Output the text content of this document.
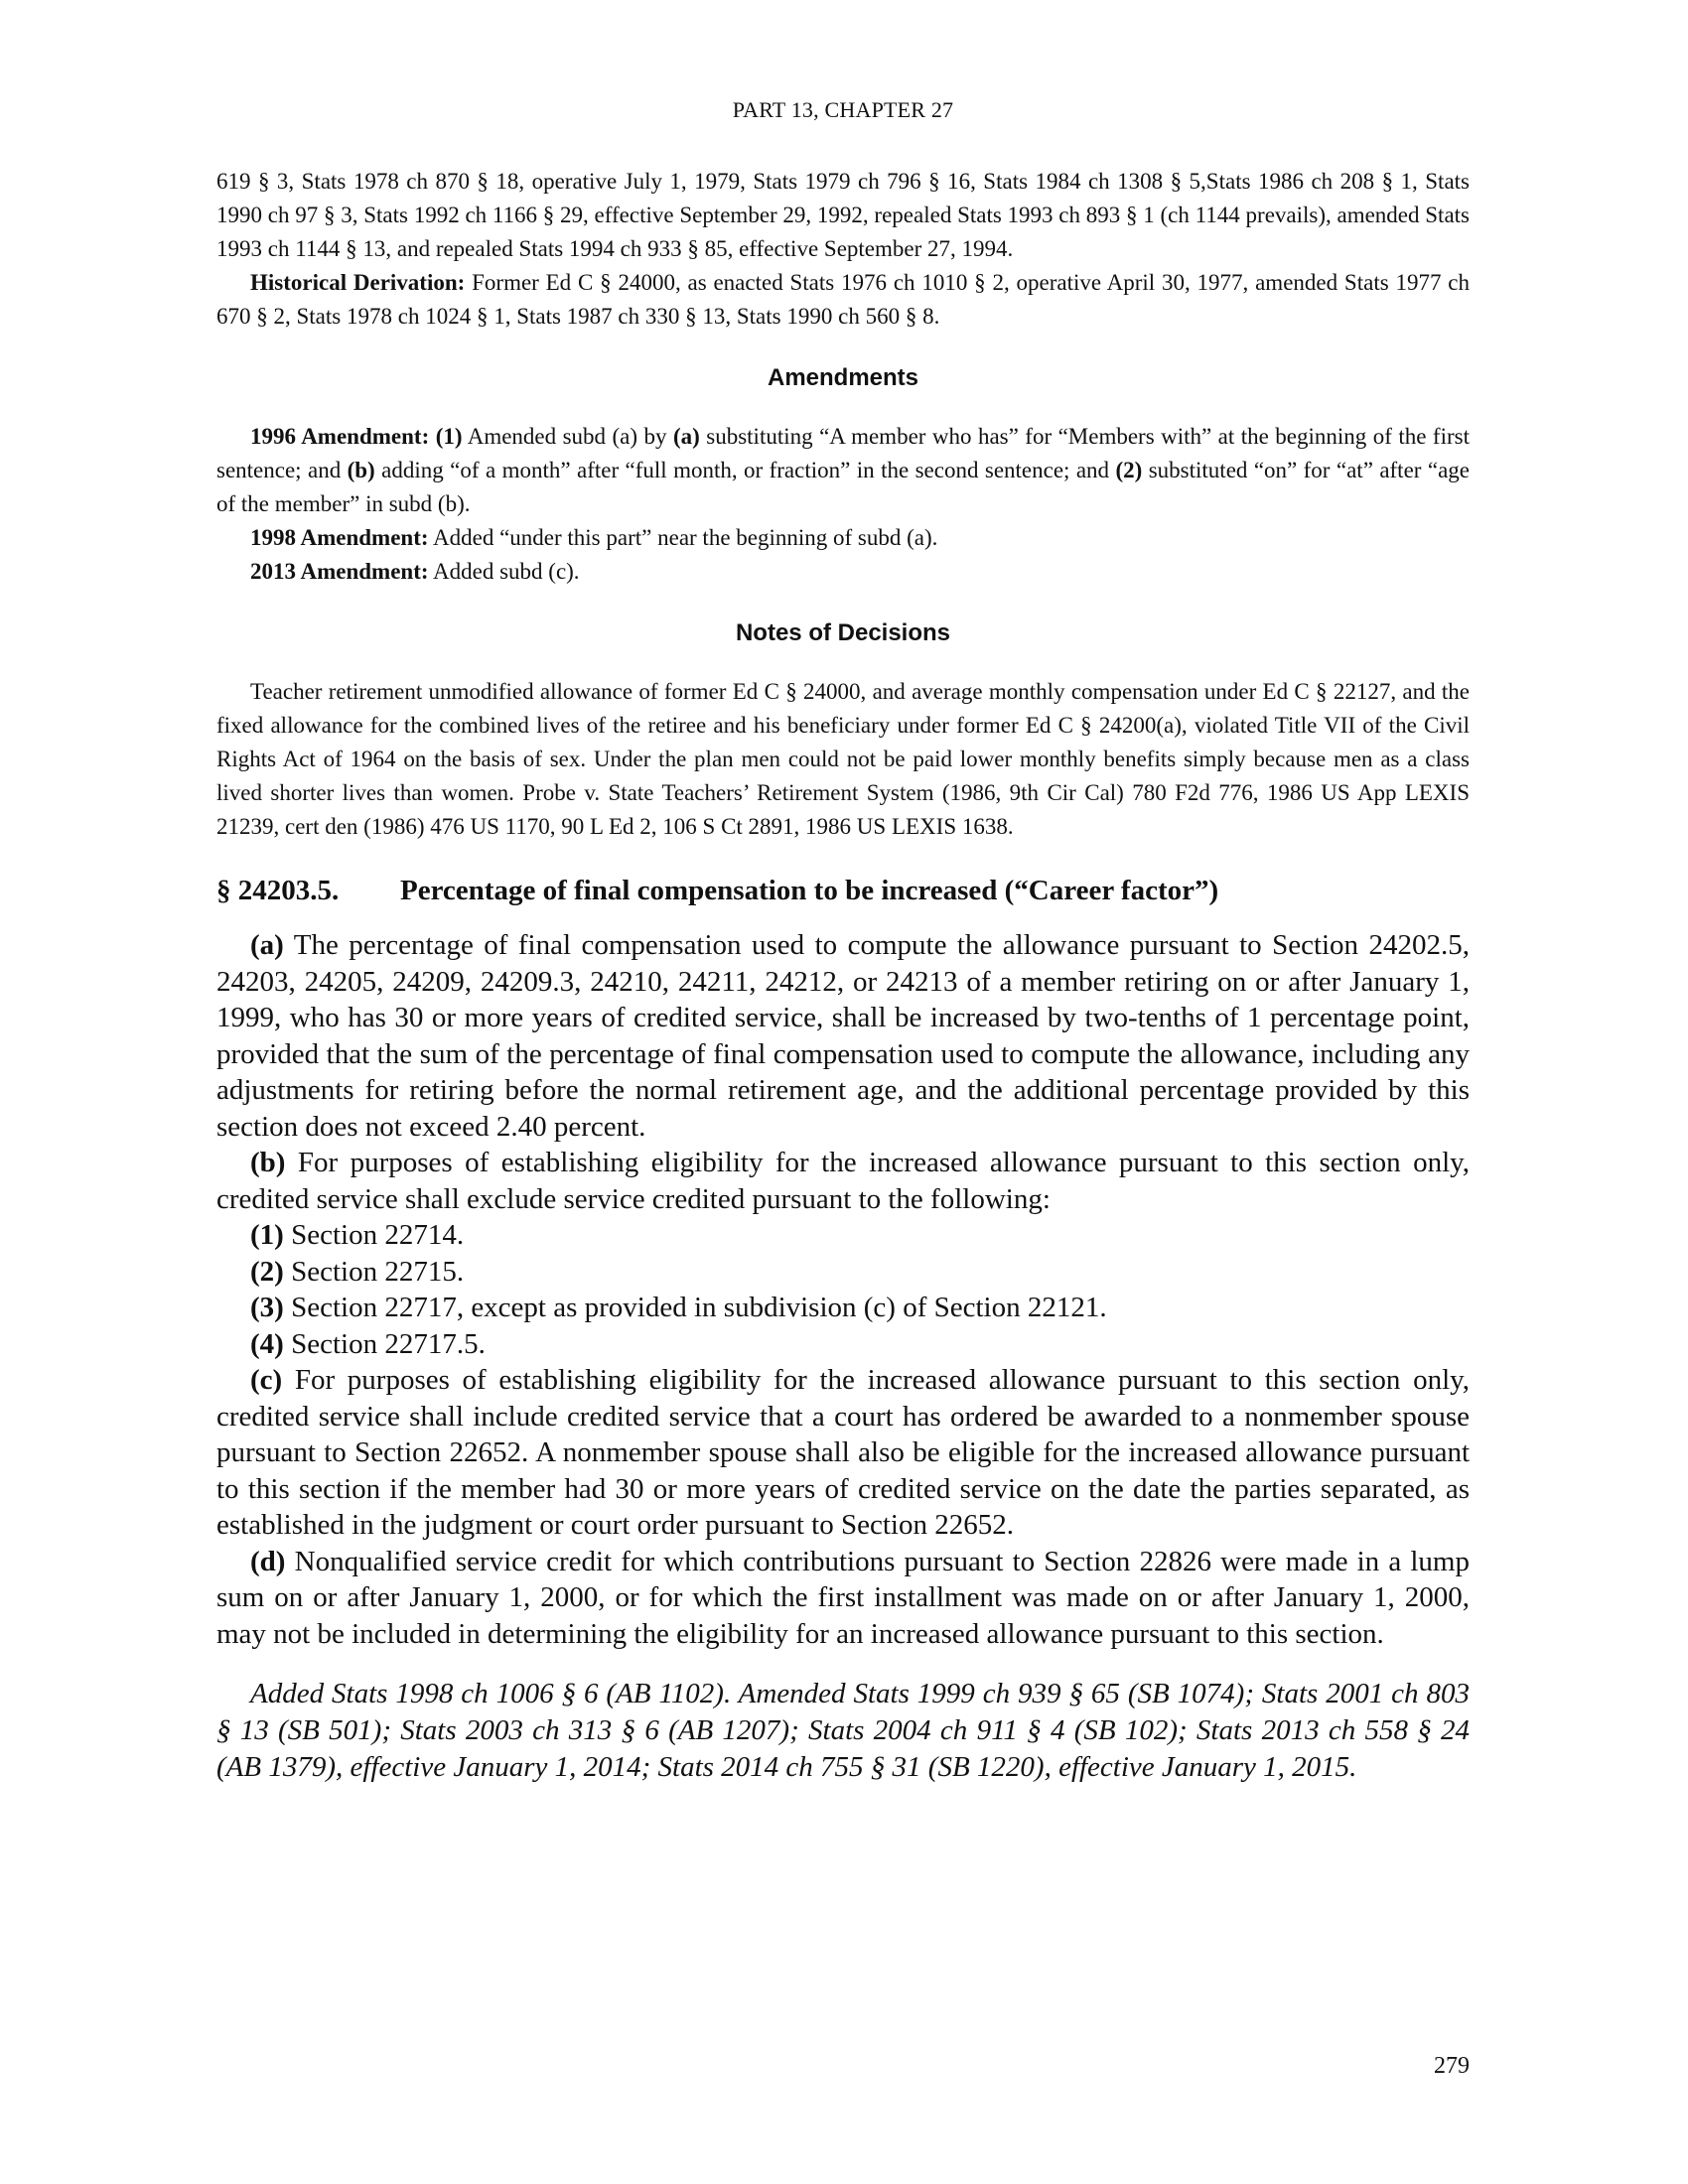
PART 13, CHAPTER 27

619 § 3, Stats 1978 ch 870 § 18, operative July 1, 1979, Stats 1979 ch 796 § 16, Stats 1984 ch 1308 § 5,Stats 1986 ch 208 § 1, Stats 1990 ch 97 § 3, Stats 1992 ch 1166 § 29, effective September 29, 1992, repealed Stats 1993 ch 893 § 1 (ch 1144 prevails), amended Stats 1993 ch 1144 § 13, and repealed Stats 1994 ch 933 § 85, effective September 27, 1994.

Historical Derivation: Former Ed C § 24000, as enacted Stats 1976 ch 1010 § 2, operative April 30, 1977, amended Stats 1977 ch 670 § 2, Stats 1978 ch 1024 § 1, Stats 1987 ch 330 § 13, Stats 1990 ch 560 § 8.

Amendments

1996 Amendment: (1) Amended subd (a) by (a) substituting “A member who has” for “Members with” at the beginning of the first sentence; and (b) adding “of a month” after “full month, or fraction” in the second sentence; and (2) substituted “on” for “at” after “age of the member” in subd (b).

1998 Amendment: Added “under this part” near the beginning of subd (a).

2013 Amendment: Added subd (c).

Notes of Decisions

Teacher retirement unmodified allowance of former Ed C § 24000, and average monthly compensation under Ed C § 22127, and the fixed allowance for the combined lives of the retiree and his beneficiary under former Ed C § 24200(a), violated Title VII of the Civil Rights Act of 1964 on the basis of sex. Under the plan men could not be paid lower monthly benefits simply because men as a class lived shorter lives than women. Probe v. State Teachers’ Retirement System (1986, 9th Cir Cal) 780 F2d 776, 1986 US App LEXIS 21239, cert den (1986) 476 US 1170, 90 L Ed 2, 106 S Ct 2891, 1986 US LEXIS 1638.

§ 24203.5.	Percentage of final compensation to be increased (“Career factor”)

(a) The percentage of final compensation used to compute the allowance pursuant to Section 24202.5, 24203, 24205, 24209, 24209.3, 24210, 24211, 24212, or 24213 of a member retiring on or after January 1, 1999, who has 30 or more years of credited service, shall be increased by two-tenths of 1 percentage point, provided that the sum of the percentage of final compensation used to compute the allowance, including any adjustments for retiring before the normal retirement age, and the additional percentage provided by this section does not exceed 2.40 percent.

(b) For purposes of establishing eligibility for the increased allowance pursuant to this section only, credited service shall exclude service credited pursuant to the following:

(1) Section 22714.

(2) Section 22715.

(3) Section 22717, except as provided in subdivision (c) of Section 22121.

(4) Section 22717.5.

(c) For purposes of establishing eligibility for the increased allowance pursuant to this section only, credited service shall include credited service that a court has ordered be awarded to a nonmember spouse pursuant to Section 22652. A nonmember spouse shall also be eligible for the increased allowance pursuant to this section if the member had 30 or more years of credited service on the date the parties separated, as established in the judgment or court order pursuant to Section 22652.

(d) Nonqualified service credit for which contributions pursuant to Section 22826 were made in a lump sum on or after January 1, 2000, or for which the first installment was made on or after January 1, 2000, may not be included in determining the eligibility for an increased allowance pursuant to this section.

Added Stats 1998 ch 1006 § 6 (AB 1102). Amended Stats 1999 ch 939 § 65 (SB 1074); Stats 2001 ch 803 § 13 (SB 501); Stats 2003 ch 313 § 6 (AB 1207); Stats 2004 ch 911 § 4 (SB 102); Stats 2013 ch 558 § 24 (AB 1379), effective January 1, 2014; Stats 2014 ch 755 § 31 (SB 1220), effective January 1, 2015.

279
